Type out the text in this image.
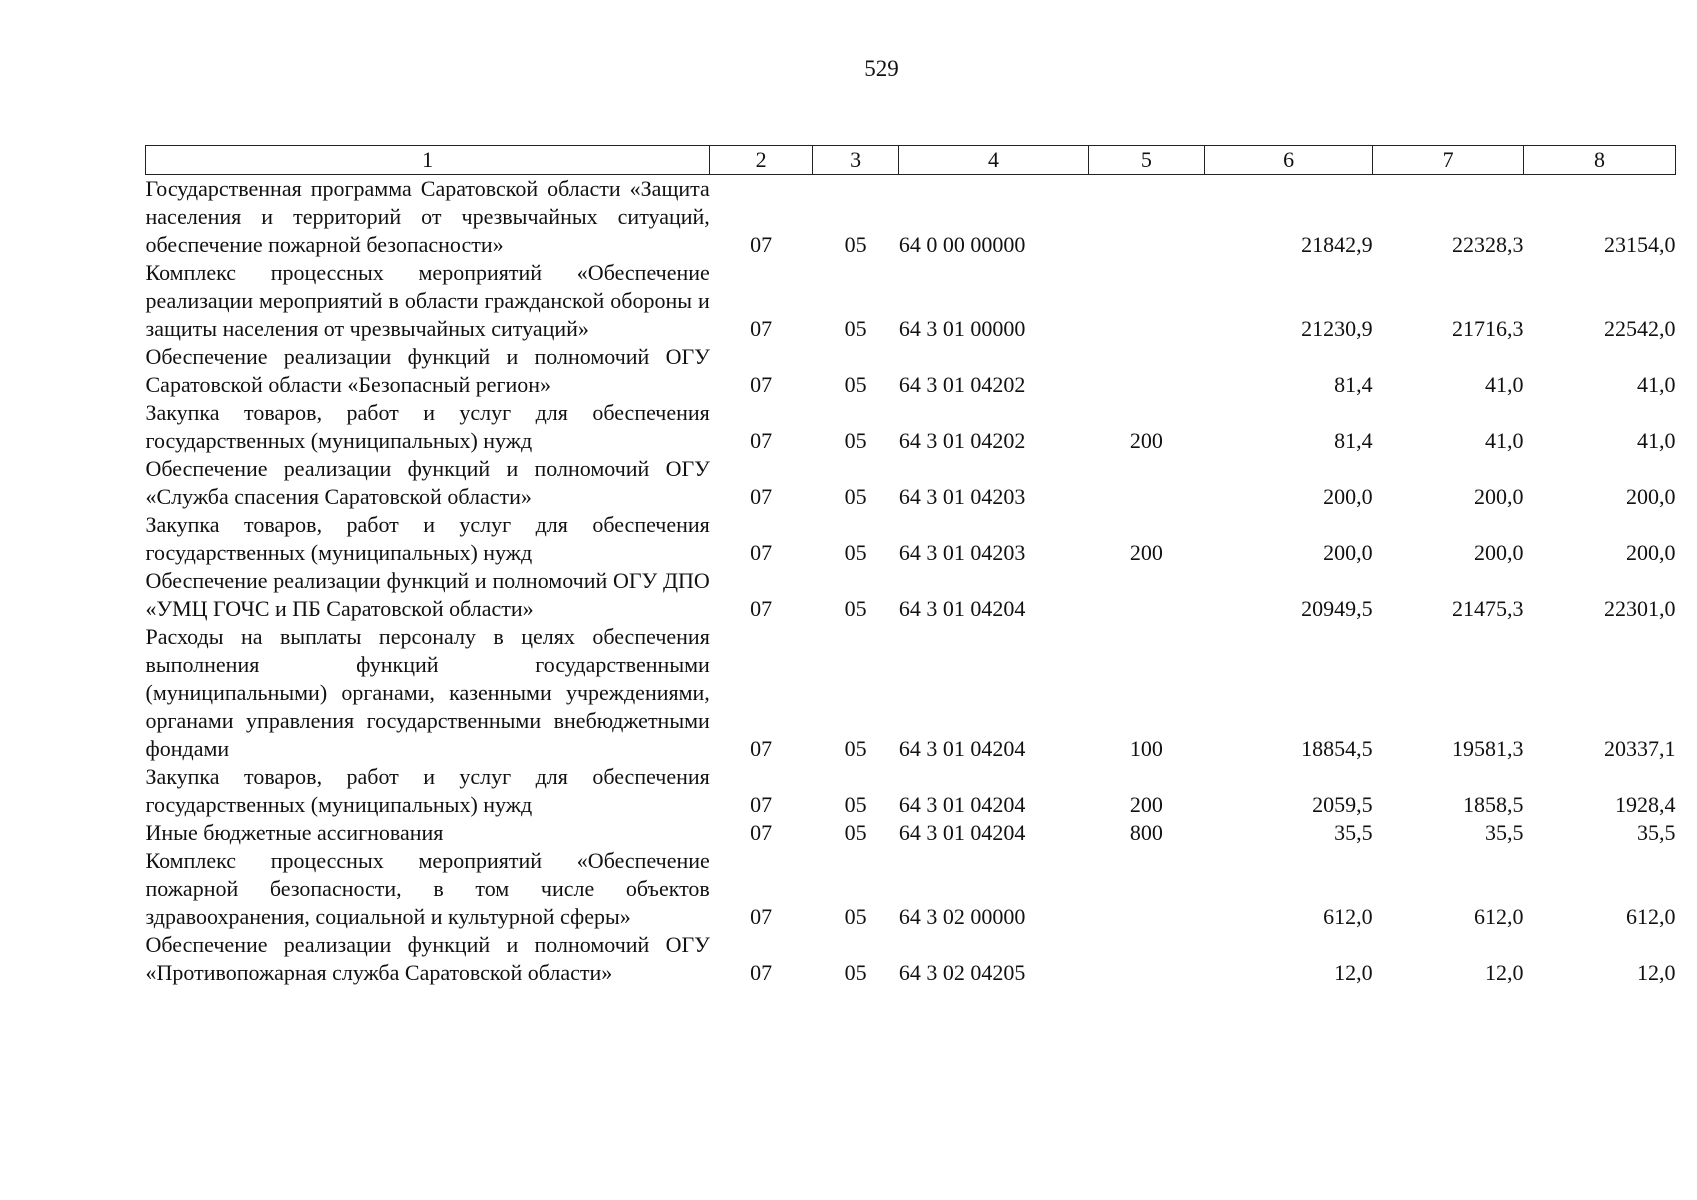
529
1	2	3	4	5	6	7	8
Государственная программа Саратовской области «Защита населения и территорий от чрезвычайных ситуаций, обеспечение пожарной безопасности»	07	05	64 0 00 00000		21842,9	22328,3	23154,0
Комплекс процессных мероприятий «Обеспечение реализации мероприятий в области гражданской обороны и защиты населения от чрезвычайных ситуаций»	07	05	64 3 01 00000		21230,9	21716,3	22542,0
Обеспечение реализации функций и полномочий ОГУ Саратовской области «Безопасный регион»	07	05	64 3 01 04202		81,4	41,0	41,0
Закупка товаров, работ и услуг для обеспечения государственных (муниципальных) нужд	07	05	64 3 01 04202	200	81,4	41,0	41,0
Обеспечение реализации функций и полномочий ОГУ «Служба спасения Саратовской области»	07	05	64 3 01 04203		200,0	200,0	200,0
Закупка товаров, работ и услуг для обеспечения государственных (муниципальных) нужд	07	05	64 3 01 04203	200	200,0	200,0	200,0
Обеспечение реализации функций и полномочий ОГУ ДПО «УМЦ ГОЧС и ПБ Саратовской области»	07	05	64 3 01 04204		20949,5	21475,3	22301,0
Расходы на выплаты персоналу в целях обеспечения выполнения функций государственными (муниципальными) органами, казенными учреждениями, органами управления государственными внебюджетными фондами	07	05	64 3 01 04204	100	18854,5	19581,3	20337,1
Закупка товаров, работ и услуг для обеспечения государственных (муниципальных) нужд	07	05	64 3 01 04204	200	2059,5	1858,5	1928,4
Иные бюджетные ассигнования	07	05	64 3 01 04204	800	35,5	35,5	35,5
Комплекс процессных мероприятий «Обеспечение пожарной безопасности, в том числе объектов здравоохранения, социальной и культурной сферы»	07	05	64 3 02 00000		612,0	612,0	612,0
Обеспечение реализации функций и полномочий ОГУ «Противопожарная служба Саратовской области»	07	05	64 3 02 04205		12,0	12,0	12,0
